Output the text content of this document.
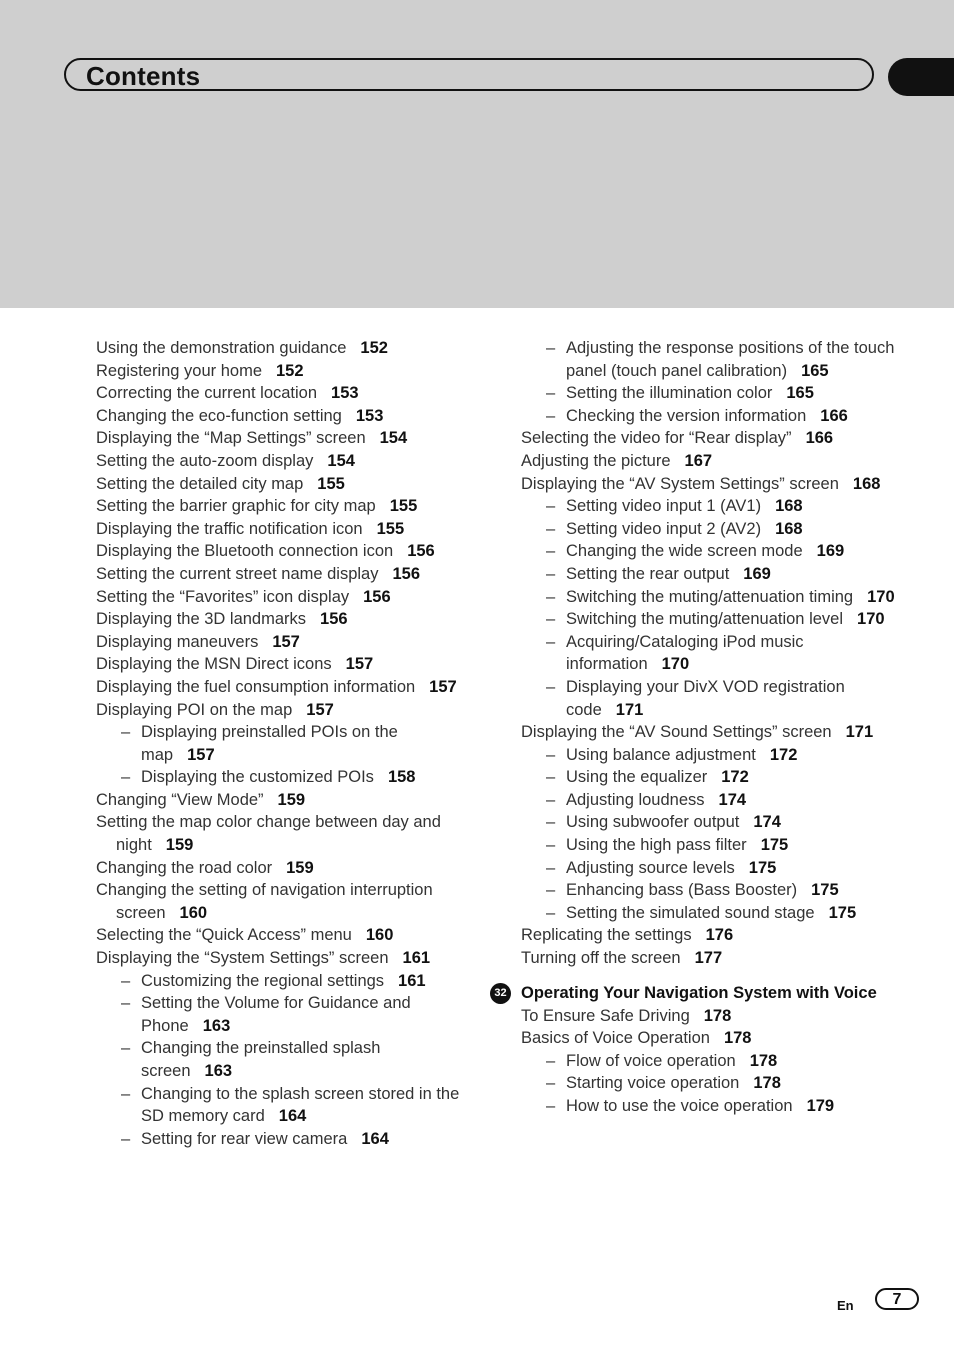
Contents
Using the demonstration guidance 152
Registering your home 152
Correcting the current location 153
Changing the eco-function setting 153
Displaying the “Map Settings” screen 154
Setting the auto-zoom display 154
Setting the detailed city map 155
Setting the barrier graphic for city map 155
Displaying the traffic notification icon 155
Displaying the Bluetooth connection icon 156
Setting the current street name display 156
Setting the “Favorites” icon display 156
Displaying the 3D landmarks 156
Displaying maneuvers 157
Displaying the MSN Direct icons 157
Displaying the fuel consumption information 157
Displaying POI on the map 157
– Displaying preinstalled POIs on the map 157
– Displaying the customized POIs 158
Changing “View Mode” 159
Setting the map color change between day and night 159
Changing the road color 159
Changing the setting of navigation interruption screen 160
Selecting the “Quick Access” menu 160
Displaying the “System Settings” screen 161
– Customizing the regional settings 161
– Setting the Volume for Guidance and Phone 163
– Changing the preinstalled splash screen 163
– Changing to the splash screen stored in the SD memory card 164
– Setting for rear view camera 164
– Adjusting the response positions of the touch panel (touch panel calibration) 165
– Setting the illumination color 165
– Checking the version information 166
Selecting the video for “Rear display” 166
Adjusting the picture 167
Displaying the “AV System Settings” screen 168
– Setting video input 1 (AV1) 168
– Setting video input 2 (AV2) 168
– Changing the wide screen mode 169
– Setting the rear output 169
– Switching the muting/attenuation timing 170
– Switching the muting/attenuation level 170
– Acquiring/Cataloging iPod music information 170
– Displaying your DivX VOD registration code 171
Displaying the “AV Sound Settings” screen 171
– Using balance adjustment 172
– Using the equalizer 172
– Adjusting loudness 174
– Using subwoofer output 174
– Using the high pass filter 175
– Adjusting source levels 175
– Enhancing bass (Bass Booster) 175
– Setting the simulated sound stage 175
Replicating the settings 176
Turning off the screen 177
32 Operating Your Navigation System with Voice
To Ensure Safe Driving 178
Basics of Voice Operation 178
– Flow of voice operation 178
– Starting voice operation 178
– How to use the voice operation 179
En	7
